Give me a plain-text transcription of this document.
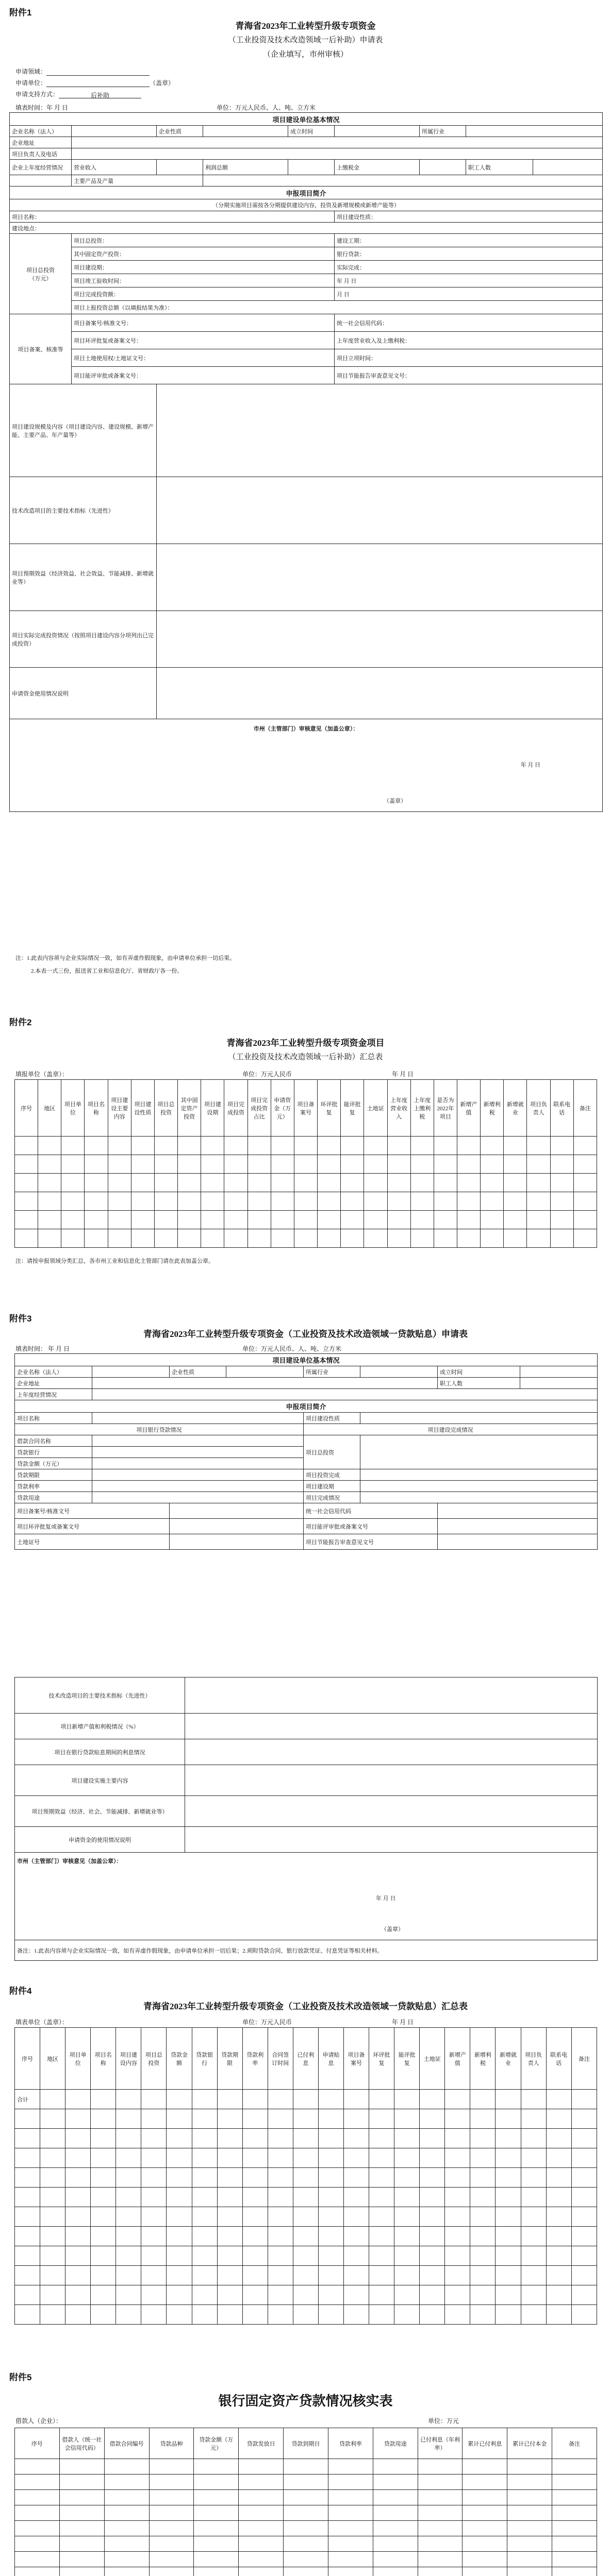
附件1
青海省2023年工业转型升级专项资金
（工业投资及技术改造领域一后补助）申请表
（企业填写，市州审核）
申请领域：
申请单位：	（盖章）
申请支持方式：	后补助
填表时间：年 月 日	单位：万元人民币、人、吨、立方米
项目建设单位基本情况								
企业名称（法人）		企业性质		成立时间		所属行业		
企业地址								
项目负责人及电话								
企业上年度经营情况	营业收入		利润总额		上缴税金		职工人数	
	主要产品及产量							
申报项目简介								
（分期实施项目需按各分期提供建设内容，投资及新增规模或新增产能等）								
项目名称：					项目建设性质：			
建设地点：								
项目总投资
（万元）	项目总投资：				建设工期：			
	其中固定资产投资：				银行贷款：			
	项目建设期：				实际完成：			
	项目竣工验收时间：				年 月 日			
	项目完成投资额：				月 日			
	项目上报投资总额（以填报结果为准）：							
项目备案、核准等	项目备案号/核准文号：				统一社会信用代码：			
	项目环评批复或备案文号：				上年度营业收入及上缴利税：			
	项目土地使用权/土地证文号：				项目立项时间：			
	项目能评审批或备案文号：				项目节能报告审查意见文号：			
项目建设规模及内容（项目建设内容、建设规模、新增产能、主要产品、年产量等）								
技术改造项目的主要技术指标（先进性）								
项目预期效益（经济效益、社会效益、节能减排、新增就业等）								
项目实际完成投资情况（按照项目建设内容分项列出已完成投资）								
申请资金使用情况说明								

市州（主管部门）审核意见（加盖公章）：
年 月 日
（盖章）								
注：1.此表内容须与企业实际情况一致，如有弄虚作假现象，由申请单位承担一切后果。
2.本表一式三份，报送省工业和信息化厅、省财政厅各一份。
附件2
青海省2023年工业转型升级专项资金项目
（工业投资及技术改造领域一后补助）汇总表
填报单位（盖章）：	单位：万元人民币	年 月 日
序号	地区	项目单位	项目名称	项目建设主要内容	项目建设性质	项目总投资	其中固定资产投资	项目建设期	项目完成投资	项目完成投资占比	申请资金（万元）	项目备案号	环评批复	能评批复	土地证	上年度营业收入	上年度上缴利税	是否为2022年项目	新增产值	新增利税	新增就业	项目负责人	联系电话	备注

注：请按申报领域分类汇总，各市州工业和信息化主管部门请在此表加盖公章。
附件3
青海省2023年工业转型升级专项资金（工业投资及技术改造领域一贷款贴息）申请表
填表时间： 年 月 日	单位：万元人民币、人、吨、立方米
项目建设单位基本情况							
企业名称（法人）		企业性质		所属行业		成立时间	
企业地址						职工人数	
上年度经营情况							
申报项目简介							
项目名称				项目建设性质			
项目银行贷款情况				项目建设完成情况			
借款合同名称				项目总投资			
贷款银行							
贷款金额（万元）							
贷款期限				项目投资完成			
贷款利率				项目建设期			
贷款用途				项目完成情况			
项目备案号/核准文号				统一社会信用代码			
项目环评批复或备案文号				项目能评审批或备案文号			
土地证号				项目节能报告审查意见文号			
技术改造项目的主要技术指标（先进性）	
项目新增产值和利税情况（%）	
项目在银行贷款贴息期间的利息情况	
项目建设实施主要内容	
项目预期效益（经济、社会、节能减排、新增就业等）	
申请资金的使用情况说明	

市州（主管部门）审核意见（加盖公章）：
年 月 日
（盖章）	

备注：1.此表内容须与企业实际情况一致，如有弄虚作假现象，由申请单位承担一切后果；2.须附贷款合同、银行放款凭证、付息凭证等相关材料。	
附件4
青海省2023年工业转型升级专项资金（工业投资及技术改造领域一贷款贴息）汇总表
填表单位（盖章）：	单位：万元人民币	年 月 日
序号	地区	项目单位	项目名称	项目建设内容	项目总投资	贷款金额	贷款银行	贷款期限	贷款利率	合同签订时间	已付利息	申请贴息	项目备案号	环评批复	能评批复	土地证	新增产值	新增利税	新增就业	项目负责人	联系电话	备注
合计																						

附件5
银行固定资产贷款情况核实表
借款人（企业）：	单位：万元
序号	借款人（统一社会信用代码）	借款合同编号	贷款品种	贷款金额（万元）	贷款发放日	贷款到期日	贷款利率	贷款用途	已付利息（年利率）	累计已付利息	累计已付本金	备注
